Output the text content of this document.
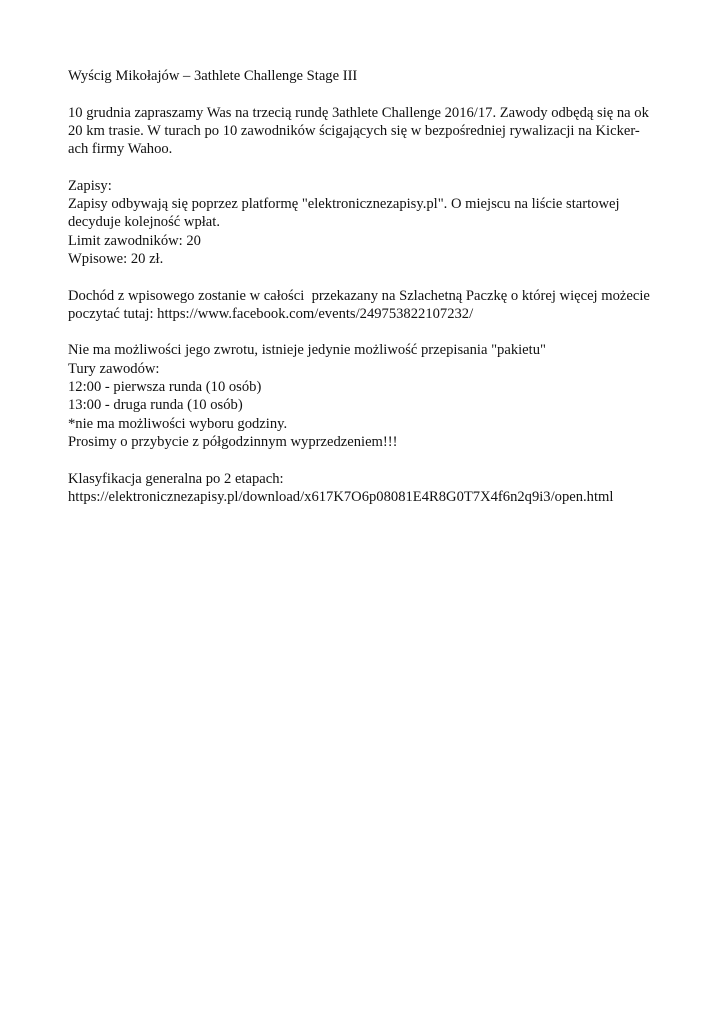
Wyścig Mikołajów – 3athlete Challenge Stage III
10 grudnia zapraszamy Was na trzecią rundę 3athlete Challenge 2016/17. Zawody odbędą się na ok
20 km trasie. W turach po 10 zawodników ścigających się w bezpośredniej rywalizacji na Kicker-
ach firmy Wahoo.
Zapisy:
Zapisy odbywają się poprzez platformę "elektronicznezapisy.pl". O miejscu na liście startowej
decyduje kolejność wpłat.
Limit zawodników: 20
Wpisowe: 20 zł.
Dochód z wpisowego zostanie w całości  przekazany na Szlachetną Paczkę o której więcej możecie
poczytać tutaj: https://www.facebook.com/events/249753822107232/
Nie ma możliwości jego zwrotu, istnieje jedynie możliwość przepisania "pakietu"
Tury zawodów:
12:00 - pierwsza runda (10 osób)
13:00 - druga runda (10 osób)
*nie ma możliwości wyboru godziny.
Prosimy o przybycie z półgodzinnym wyprzedzeniem!!!
Klasyfikacja generalna po 2 etapach:
https://elektronicznezapisy.pl/download/x617K7O6p08081E4R8G0T7X4f6n2q9i3/open.html
